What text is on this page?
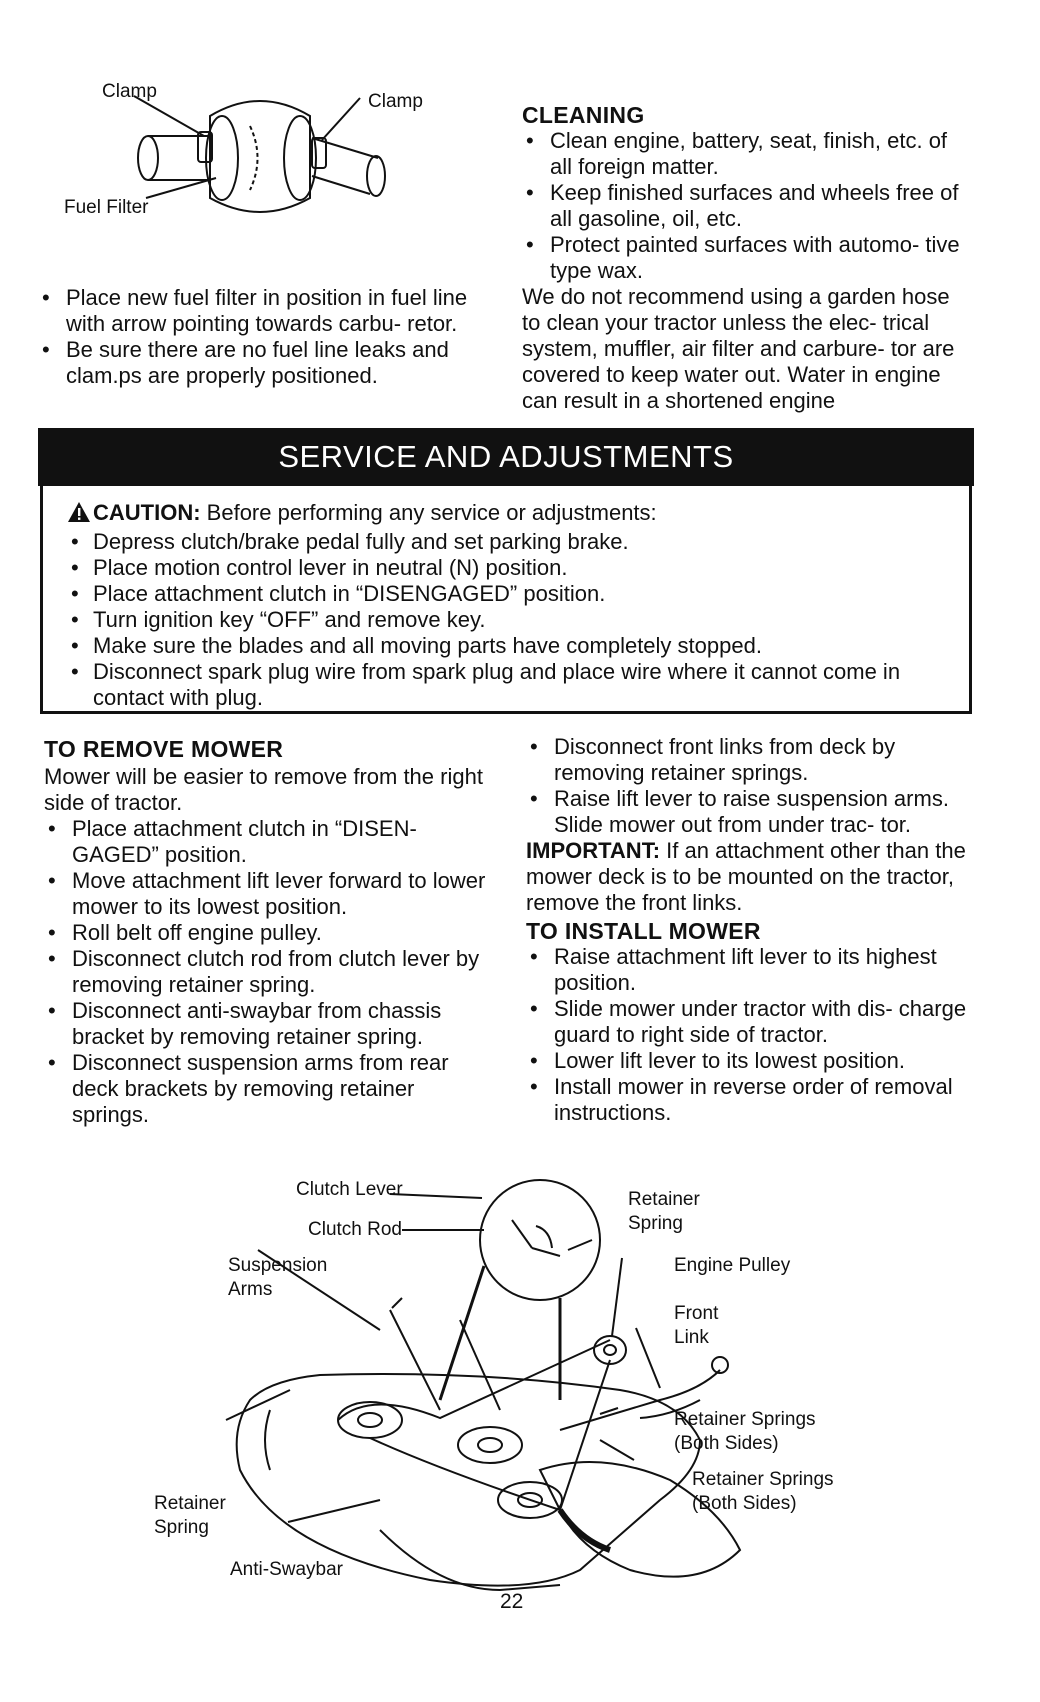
Clamp	Clamp
Fuel Filter
• Place new fuel filter in position in fuel line with arrow pointing towards carbu- retor.
• Be sure there are no fuel line leaks and clam.ps are properly positioned.
CLEANING
• Clean engine, battery, seat, finish, etc. of all foreign matter.
• Keep finished surfaces and wheels free of all gasoline, oil, etc.
• Protect painted surfaces with automo- tive type wax.
We do not recommend using a garden hose to clean your tractor unless the elec- trical system, muffler, air filter and carbure- tor are covered to keep water out. Water in engine can result in a shortened engine
SERVICE AND ADJUSTMENTS
CAUTION: Before performing any service or adjustments:
• Depress clutch/brake pedal fully and set parking brake.
• Place motion control lever in neutral (N) position.
• Place attachment clutch in “DISENGAGED” position.
• Turn ignition key “OFF” and remove key.
• Make sure the blades and all moving parts have completely stopped.
• Disconnect spark plug wire from spark plug and place wire where it cannot come in contact with plug.
TO REMOVE MOWER
Mower will be easier to remove from the right side of tractor.
• Place attachment clutch in “DISEN- GAGED” position.
• Move attachment lift lever forward to lower mower to its lowest position.
• Roll belt off engine pulley.
• Disconnect clutch rod from clutch lever by removing retainer spring.
• Disconnect anti-swaybar from chassis bracket by removing retainer spring.
• Disconnect suspension arms from rear deck brackets by removing retainer springs.
• Disconnect front links from deck by removing retainer springs.
• Raise lift lever to raise suspension arms. Slide mower out from under trac- tor.
IMPORTANT: If an attachment other than the mower deck is to be mounted on the tractor, remove the front links.
TO INSTALL MOWER
• Raise attachment lift lever to its highest position.
• Slide mower under tractor with dis- charge guard to right side of tractor.
• Lower lift lever to its lowest position.
• Install mower in reverse order of removal instructions.
Clutch Lever
Clutch Rod
Retainer Spring
Suspension Arms
Engine Pulley
Front Link
Retainer Springs (Both Sides)
Retainer Springs (Both Sides)
Retainer Spring
Anti-Swaybar
22
